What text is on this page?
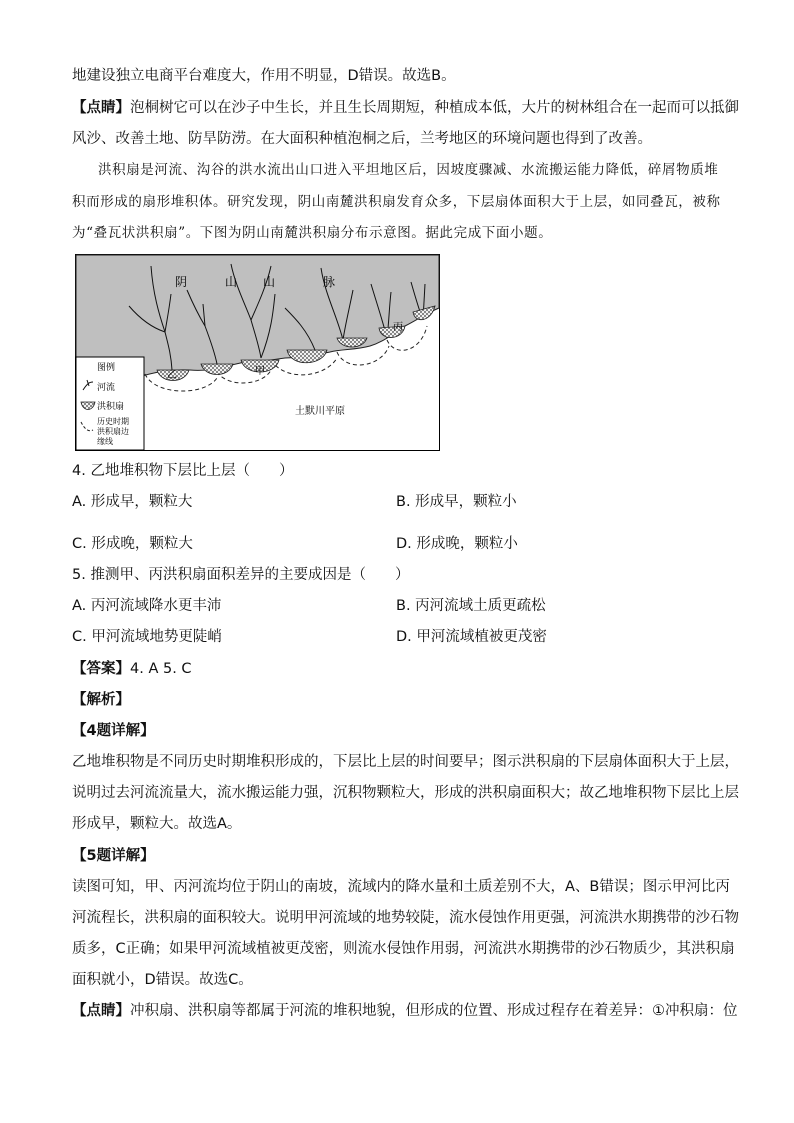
地建设独立电商平台难度大，作用不明显，D错误。故选B。
【点睛】泡桐树它可以在沙子中生长，并且生长周期短，种植成本低，大片的树林组合在一起而可以抵御
风沙、改善土地、防旱防涝。在大面积种植泡桐之后，兰考地区的环境问题也得到了改善。
洪积扇是河流、沟谷的洪水流出山口进入平坦地区后，因坡度骤减、水流搬运能力降低，碎屑物质堆
积而形成的扇形堆积体。研究发现，阴山南麓洪积扇发育众多，下层扇体面积大于上层，如同叠瓦，被称
为“叠瓦状洪积扇”。下图为阴山南麓洪积扇分布示意图。据此完成下面小题。
阴	山 山	脉
乙	甲
丙
土默川平原
图例
河流
洪积扇
历史时期
洪积扇边
缘线
4. 乙地堆积物下层比上层（　　）
A. 形成早，颗粒大	B. 形成早，颗粒小
C. 形成晚，颗粒大	D. 形成晚，颗粒小
5. 推测甲、丙洪积扇面积差异的主要成因是（　　）
A. 丙河流域降水更丰沛	B. 丙河流域土质更疏松
C. 甲河流域地势更陡峭	D. 甲河流域植被更茂密
【答案】4. A 5. C
【解析】
【4题详解】
乙地堆积物是不同历史时期堆积形成的，下层比上层的时间要早；图示洪积扇的下层扇体面积大于上层，
说明过去河流流量大，流水搬运能力强，沉积物颗粒大，形成的洪积扇面积大；故乙地堆积物下层比上层
形成早，颗粒大。故选A。
【5题详解】
读图可知，甲、丙河流均位于阴山的南坡，流域内的降水量和土质差别不大，A、B错误；图示甲河比丙
河流程长，洪积扇的面积较大。说明甲河流域的地势较陡，流水侵蚀作用更强，河流洪水期携带的沙石物
质多，C正确；如果甲河流域植被更茂密，则流水侵蚀作用弱，河流洪水期携带的沙石物质少，其洪积扇
面积就小，D错误。故选C。
【点睛】冲积扇、洪积扇等都属于河流的堆积地貌，但形成的位置、形成过程存在着差异：①冲积扇：位
